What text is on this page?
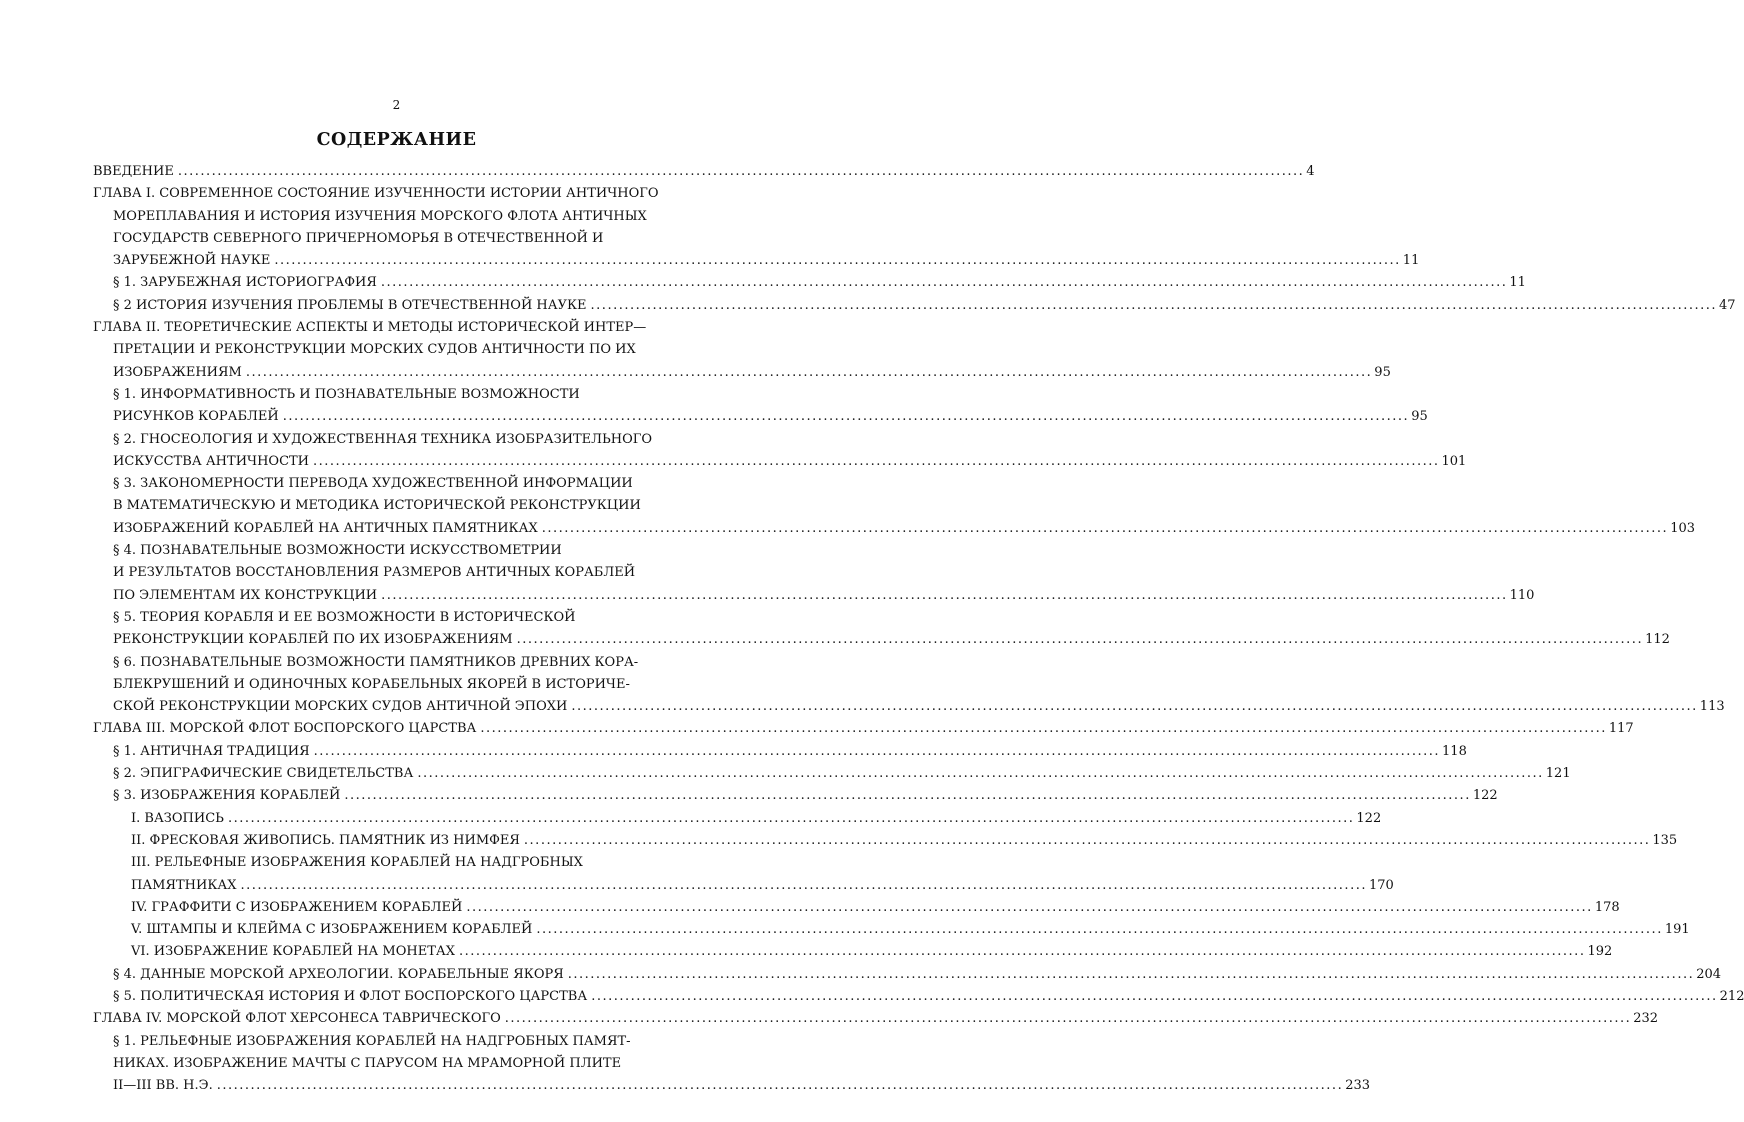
2
СОДЕРЖАНИЕ
ВВЕДЕНИЕ ........................................................................................................................................................................................................ 4
ГЛАВА I. СОВРЕМЕННОЕ СОСТОЯНИЕ ИЗУЧЕННОСТИ ИСТОРИИ АНТИЧНОГО
МОРЕПЛАВАНИЯ И ИСТОРИЯ ИЗУЧЕНИЯ МОРСКОГО ФЛОТА АНТИЧНЫХ
ГОСУДАРСТВ СЕВЕРНОГО ПРИЧЕРНОМОРЬЯ В ОТЕЧЕСТВЕННОЙ И
ЗАРУБЕЖНОЙ НАУКЕ ........................................................................................................................................................................................................ 11
§ 1. ЗАРУБЕЖНАЯ ИСТОРИОГРАФИЯ ........................................................................................................................................................................................................ 11
§ 2 ИСТОРИЯ ИЗУЧЕНИЯ ПРОБЛЕМЫ В ОТЕЧЕСТВЕННОЙ НАУКЕ ........................................................................................................................................................................................................ 47
ГЛАВА II. ТЕОРЕТИЧЕСКИЕ АСПЕКТЫ И МЕТОДЫ ИСТОРИЧЕСКОЙ ИНТЕР—
ПРЕТАЦИИ И РЕКОНСТРУКЦИИ МОРСКИХ СУДОВ АНТИЧНОСТИ ПО ИХ
ИЗОБРАЖЕНИЯМ ........................................................................................................................................................................................................ 95
§ 1. ИНФОРМАТИВНОСТЬ И ПОЗНАВАТЕЛЬНЫЕ ВОЗМОЖНОСТИ
РИСУНКОВ КОРАБЛЕЙ ........................................................................................................................................................................................................ 95
§ 2. ГНОСЕОЛОГИЯ И ХУДОЖЕСТВЕННАЯ ТЕХНИКА ИЗОБРАЗИТЕЛЬНОГО
ИСКУССТВА АНТИЧНОСТИ ........................................................................................................................................................................................................ 101
§ 3. ЗАКОНОМЕРНОСТИ ПЕРЕВОДА ХУДОЖЕСТВЕННОЙ ИНФОРМАЦИИ
В МАТЕМАТИЧЕСКУЮ И МЕТОДИКА ИСТОРИЧЕСКОЙ РЕКОНСТРУКЦИИ
ИЗОБРАЖЕНИЙ КОРАБЛЕЙ НА АНТИЧНЫХ ПАМЯТНИКАХ ........................................................................................................................................................................................................ 103
§ 4. ПОЗНАВАТЕЛЬНЫЕ ВОЗМОЖНОСТИ ИСКУССТВОМЕТРИИ
И РЕЗУЛЬТАТОВ ВОССТАНОВЛЕНИЯ РАЗМЕРОВ АНТИЧНЫХ КОРАБЛЕЙ
ПО ЭЛЕМЕНТАМ ИХ КОНСТРУКЦИИ ........................................................................................................................................................................................................ 110
§ 5. ТЕОРИЯ КОРАБЛЯ И ЕЕ ВОЗМОЖНОСТИ В ИСТОРИЧЕСКОЙ
РЕКОНСТРУКЦИИ КОРАБЛЕЙ ПО ИХ ИЗОБРАЖЕНИЯМ ........................................................................................................................................................................................................ 112
§ 6. ПОЗНАВАТЕЛЬНЫЕ ВОЗМОЖНОСТИ ПАМЯТНИКОВ ДРЕВНИХ КОРА-
БЛЕКРУШЕНИЙ И ОДИНОЧНЫХ КОРАБЕЛЬНЫХ ЯКОРЕЙ В ИСТОРИЧЕ-
СКОЙ РЕКОНСТРУКЦИИ МОРСКИХ СУДОВ АНТИЧНОЙ ЭПОХИ ........................................................................................................................................................................................................ 113
ГЛАВА III. МОРСКОЙ ФЛОТ БОСПОРСКОГО ЦАРСТВА ........................................................................................................................................................................................................ 117
§ 1. АНТИЧНАЯ ТРАДИЦИЯ ........................................................................................................................................................................................................ 118
§ 2. ЭПИГРАФИЧЕСКИЕ СВИДЕТЕЛЬСТВА ........................................................................................................................................................................................................ 121
§ 3. ИЗОБРАЖЕНИЯ КОРАБЛЕЙ ........................................................................................................................................................................................................ 122
I. ВАЗОПИСЬ ........................................................................................................................................................................................................ 122
II. ФРЕСКОВАЯ ЖИВОПИСЬ. ПАМЯТНИК ИЗ НИМФЕЯ ........................................................................................................................................................................................................ 135
III. РЕЛЬЕФНЫЕ ИЗОБРАЖЕНИЯ КОРАБЛЕЙ НА НАДГРОБНЫХ
ПАМЯТНИКАХ ........................................................................................................................................................................................................ 170
IV. ГРАФФИТИ С ИЗОБРАЖЕНИЕМ КОРАБЛЕЙ ........................................................................................................................................................................................................ 178
V. ШТАМПЫ И КЛЕЙМА С ИЗОБРАЖЕНИЕМ КОРАБЛЕЙ ........................................................................................................................................................................................................ 191
VI. ИЗОБРАЖЕНИЕ КОРАБЛЕЙ НА МОНЕТАХ ........................................................................................................................................................................................................ 192
§ 4. ДАННЫЕ МОРСКОЙ АРХЕОЛОГИИ. КОРАБЕЛЬНЫЕ ЯКОРЯ ........................................................................................................................................................................................................ 204
§ 5. ПОЛИТИЧЕСКАЯ ИСТОРИЯ И ФЛОТ БОСПОРСКОГО ЦАРСТВА ........................................................................................................................................................................................................ 212
ГЛАВА IV. МОРСКОЙ ФЛОТ ХЕРСОНЕСА ТАВРИЧЕСКОГО ........................................................................................................................................................................................................ 232
§ 1. РЕЛЬЕФНЫЕ ИЗОБРАЖЕНИЯ КОРАБЛЕЙ НА НАДГРОБНЫХ ПАМЯТ-
НИКАХ. ИЗОБРАЖЕНИЕ МАЧТЫ С ПАРУСОМ НА МРАМОРНОЙ ПЛИТЕ
II—III ВВ. Н.Э. ........................................................................................................................................................................................................ 233
